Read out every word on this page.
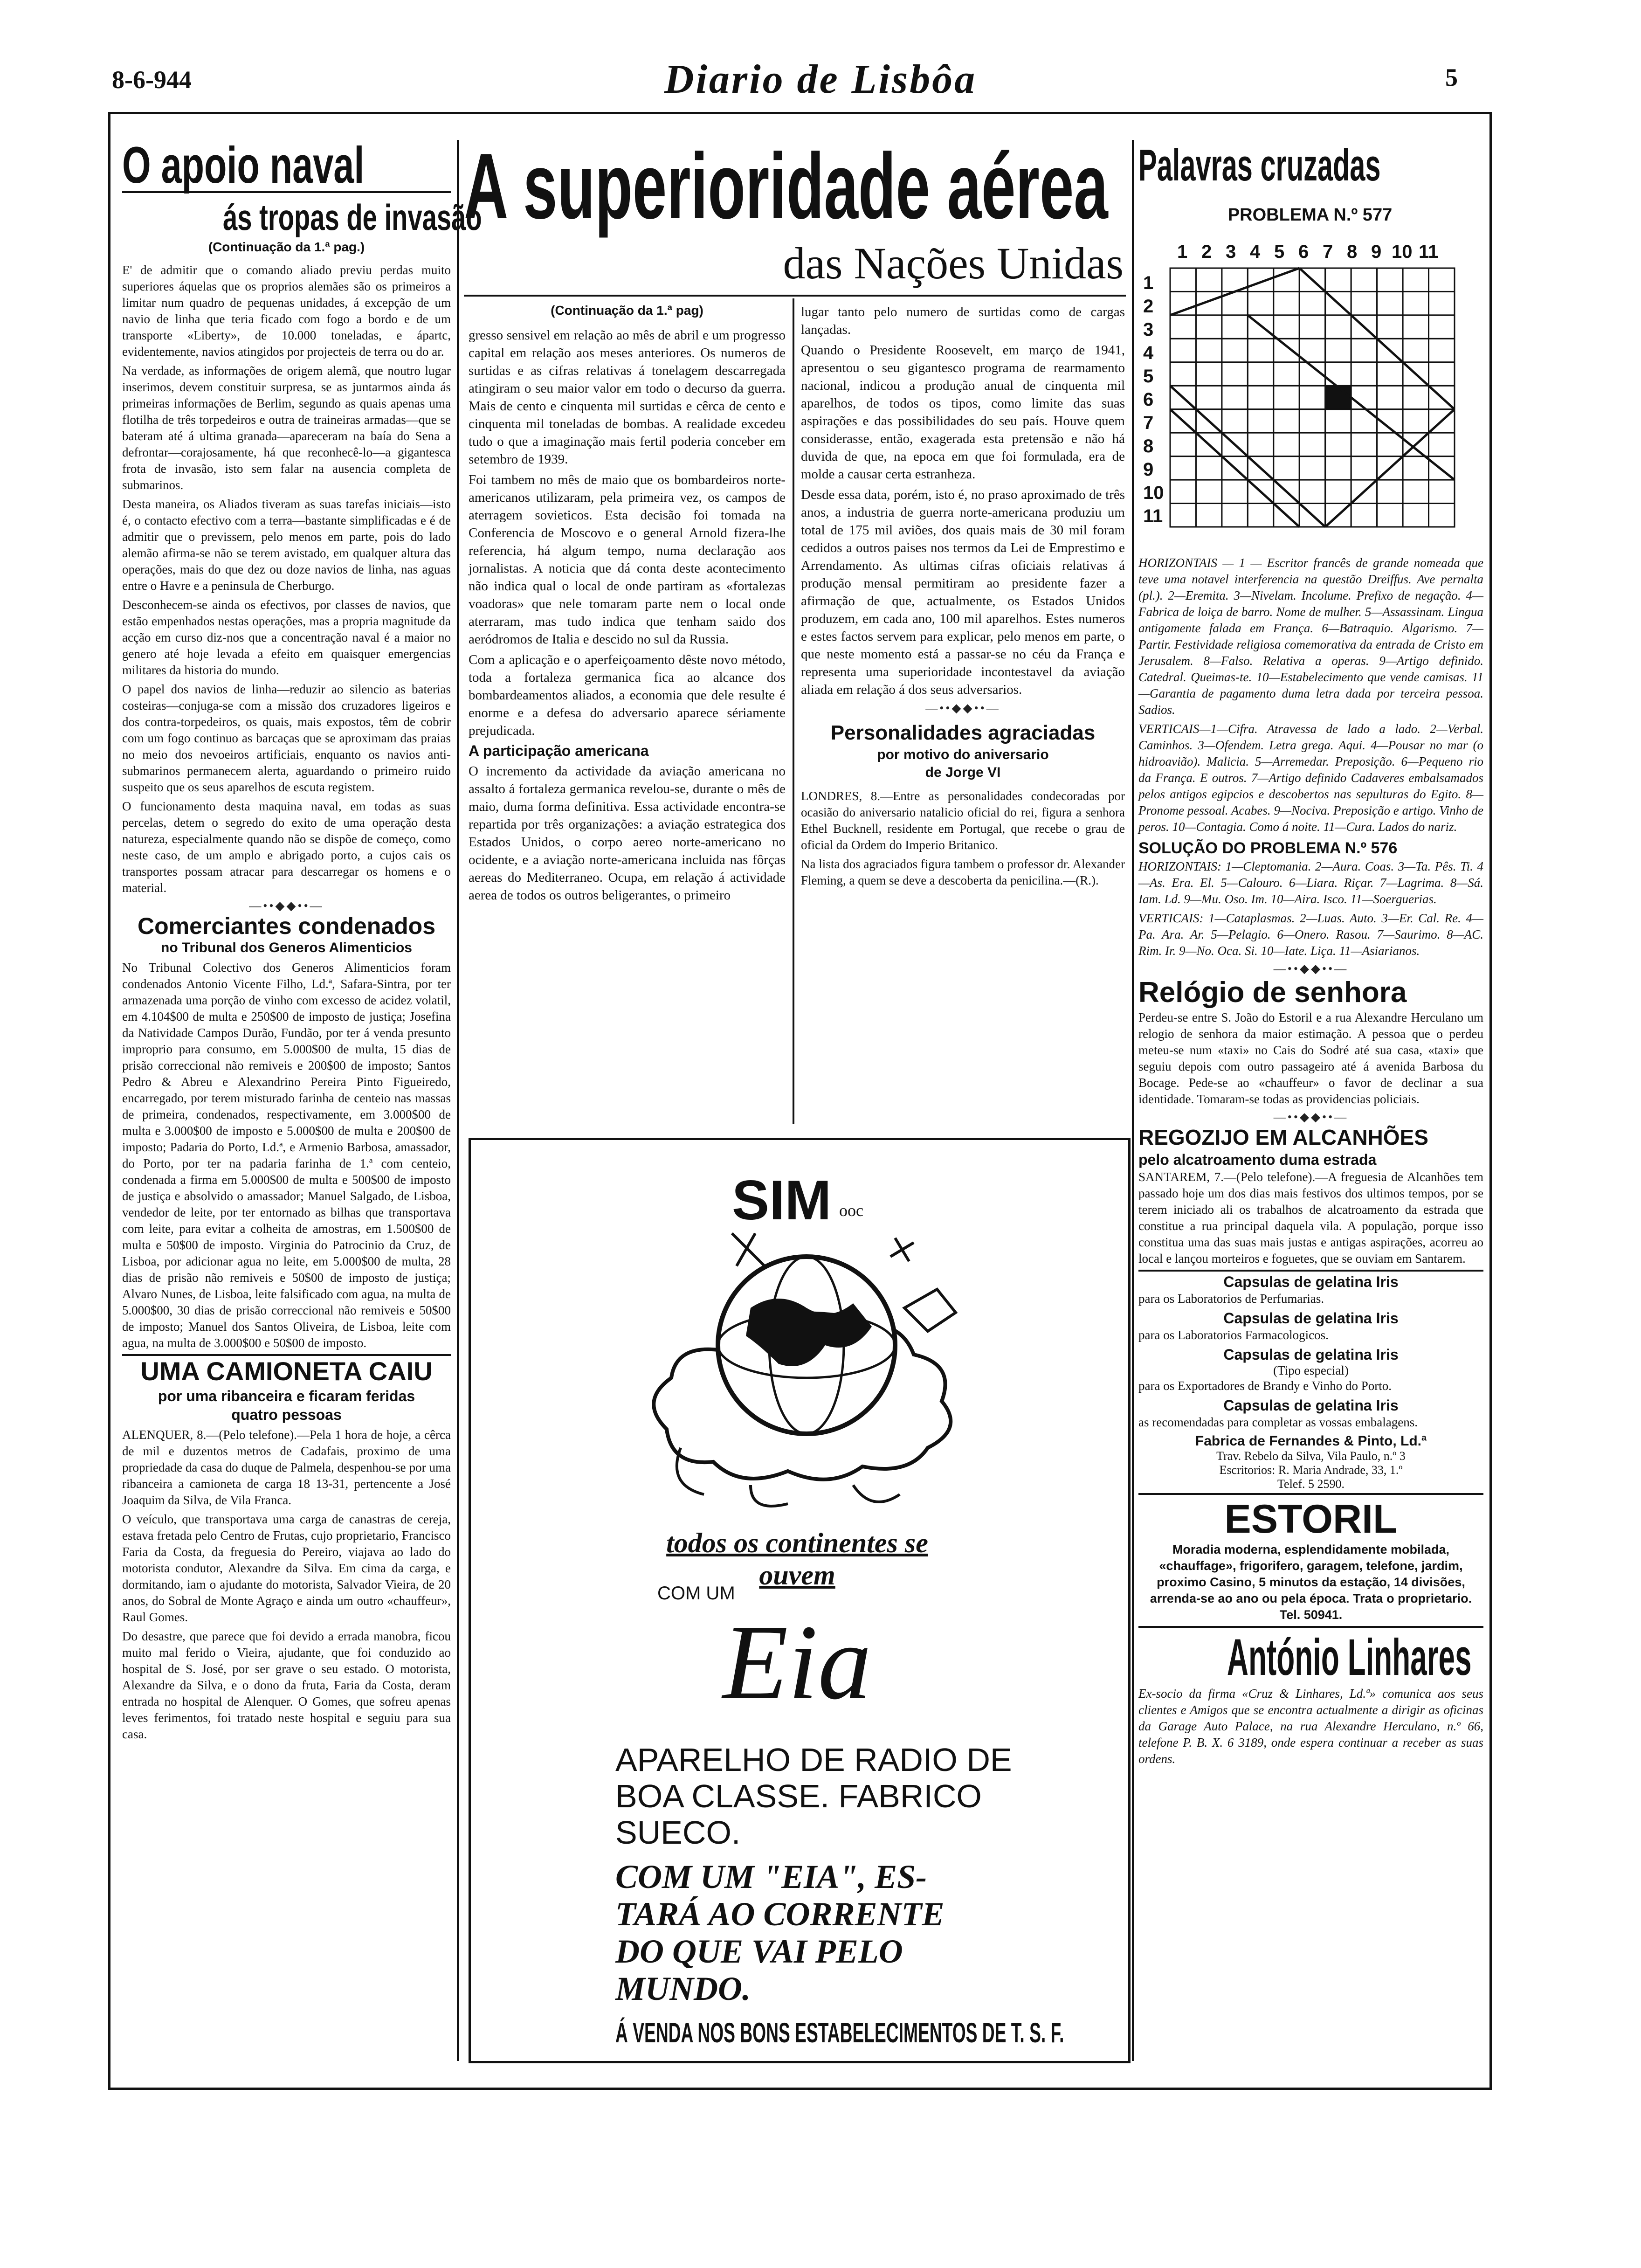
8-6-944	Diario de Lisbôa	5
O apoio naval
ás tropas de invasão
(Continuação da 1.ª pag.)

E' de admitir que o comando aliado previu perdas muito superiores áquelas que os proprios alemães são os primeiros a limitar num quadro de pequenas unidades, á excepção de um navio de linha que teria ficado com fogo a bordo e de um transporte «Liberty», de 10.000 toneladas, e ápartc, evidentemente, navios atingidos por projecteis de terra ou do ar.

Na verdade, as informações de origem alemã, que noutro lugar inserimos, devem constituir surpresa, se as juntarmos ainda ás primeiras informações de Berlim, segundo as quais apenas uma flotilha de três torpedeiros e outra de traineiras armadas—que se bateram até á ultima granada—apareceram na baía do Sena a defrontar—corajosamente, há que reconhecê-lo—a gigantesca frota de invasão, isto sem falar na ausencia completa de submarinos.

Desta maneira, os Aliados tiveram as suas tarefas iniciais—isto é, o contacto efectivo com a terra—bastante simplificadas e é de admitir que o previssem, pelo menos em parte, pois do lado alemão afirma-se não se terem avistado, em qualquer altura das operações, mais do que dez ou doze navios de linha, nas aguas entre o Havre e a peninsula de Cherburgo.

Desconhecem-se ainda os efectivos, por classes de navios, que estão empenhados nestas operações, mas a propria magnitude da acção em curso diz-nos que a concentração naval é a maior no genero até hoje levada a efeito em quaisquer emergencias militares da historia do mundo.

O papel dos navios de linha—reduzir ao silencio as baterias costeiras—conjuga-se com a missão dos cruzadores ligeiros e dos contra-torpedeiros, os quais, mais expostos, têm de cobrir com um fogo continuo as barcaças que se aproximam das praias no meio dos nevoeiros artificiais, enquanto os navios anti-submarinos permanecem alerta, aguardando o primeiro ruido suspeito que os seus aparelhos de escuta registem.

O funcionamento desta maquina naval, em todas as suas percelas, detem o segredo do exito de uma operação desta natureza, especialmente quando não se dispõe de começo, como neste caso, de um amplo e abrigado porto, a cujos cais os transportes possam atracar para descarregar os homens e o material.

—••◆◆••—
Comerciantes condenados
no Tribunal dos Generos Alimenticios

No Tribunal Colectivo dos Generos Alimenticios foram condenados Antonio Vicente Filho, Ld.ª, Safara-Sintra, por ter armazenada uma porção de vinho com excesso de acidez volatil, em 4.104$00 de multa e 250$00 de imposto de justiça; Josefina da Natividade Campos Durão, Fundão, por ter á venda presunto improprio para consumo, em 5.000$00 de multa, 15 dias de prisão correccional não remiveis e 200$00 de imposto; Santos Pedro & Abreu e Alexandrino Pereira Pinto Figueiredo, encarregado, por terem misturado farinha de centeio nas massas de primeira, condenados, respectivamente, em 3.000$00 de multa e 3.000$00 de imposto e 5.000$00 de multa e 200$00 de imposto; Padaria do Porto, Ld.ª, e Armenio Barbosa, amassador, do Porto, por ter na padaria farinha de 1.ª com centeio, condenada a firma em 5.000$00 de multa e 500$00 de imposto de justiça e absolvido o amassador; Manuel Salgado, de Lisboa, vendedor de leite, por ter entornado as bilhas que transportava com leite, para evitar a colheita de amostras, em 1.500$00 de multa e 50$00 de imposto. Virginia do Patrocinio da Cruz, de Lisboa, por adicionar agua no leite, em 5.000$00 de multa, 28 dias de prisão não remiveis e 50$00 de imposto de justiça; Alvaro Nunes, de Lisboa, leite falsificado com agua, na multa de 5.000$00, 30 dias de prisão correccional não remiveis e 50$00 de imposto; Manuel dos Santos Oliveira, de Lisboa, leite com agua, na multa de 3.000$00 e 50$00 de imposto.

UMA CAMIONETA CAIU
por uma ribanceira e ficaram feridas
quatro pessoas

ALENQUER, 8.—(Pelo telefone).—Pela 1 hora de hoje, a cêrca de mil e duzentos metros de Cadafais, proximo de uma propriedade da casa do duque de Palmela, despenhou-se por uma ribanceira a camioneta de carga 18 13-31, pertencente a José Joaquim da Silva, de Vila Franca.

O veículo, que transportava uma carga de canastras de cereja, estava fretada pelo Centro de Frutas, cujo proprietario, Francisco Faria da Costa, da freguesia do Pereiro, viajava ao lado do motorista condutor, Alexandre da Silva. Em cima da carga, e dormitando, iam o ajudante do motorista, Salvador Vieira, de 20 anos, do Sobral de Monte Agraço e ainda um outro «chauffeur», Raul Gomes.

Do desastre, que parece que foi devido a errada manobra, ficou muito mal ferido o Vieira, ajudante, que foi conduzido ao hospital de S. José, por ser grave o seu estado. O motorista, Alexandre da Silva, e o dono da fruta, Faria da Costa, deram entrada no hospital de Alenquer. O Gomes, que sofreu apenas leves ferimentos, foi tratado neste hospital e seguiu para sua casa.

A superioridade aérea
das Nações Unidas
(Continuação da 1.ª pag)

gresso sensivel em relação ao mês de abril e um progresso capital em relação aos meses anteriores. Os numeros de surtidas e as cifras relativas á tonelagem descarregada atingiram o seu maior valor em todo o decurso da guerra. Mais de cento e cinquenta mil surtidas e cêrca de cento e cinquenta mil toneladas de bombas. A realidade excedeu tudo o que a imaginação mais fertil poderia conceber em setembro de 1939.

Foi tambem no mês de maio que os bombardeiros norte-americanos utilizaram, pela primeira vez, os campos de aterragem sovieticos. Esta decisão foi tomada na Conferencia de Moscovo e o general Arnold fizera-lhe referencia, há algum tempo, numa declaração aos jornalistas. A noticia que dá conta deste acontecimento não indica qual o local de onde partiram as «fortalezas voadoras» que nele tomaram parte nem o local onde aterraram, mas tudo indica que tenham saido dos aeródromos de Italia e descido no sul da Russia.

Com a aplicação e o aperfeiçoamento dêste novo método, toda a fortaleza germanica fica ao alcance dos bombardeamentos aliados, a economia que dele resulte é enorme e a defesa do adversario aparece sériamente prejudicada.

A participação americana

O incremento da actividade da aviação americana no assalto á fortaleza germanica revelou-se, durante o mês de maio, duma forma definitiva. Essa actividade encontra-se repartida por três organizações: a aviação estrategica dos Estados Unidos, o corpo aereo norte-americano no ocidente, e a aviação norte-americana incluida nas fôrças aereas do Mediterraneo. Ocupa, em relação á actividade aerea de todos os outros beligerantes, o primeiro

lugar tanto pelo numero de surtidas como de cargas lançadas.

Quando o Presidente Roosevelt, em março de 1941, apresentou o seu gigantesco programa de rearmamento nacional, indicou a produção anual de cinquenta mil aparelhos, de todos os tipos, como limite das suas aspirações e das possibilidades do seu país. Houve quem considerasse, então, exagerada esta pretensão e não há duvida de que, na epoca em que foi formulada, era de molde a causar certa estranheza.

Desde essa data, porém, isto é, no praso aproximado de três anos, a industria de guerra norte-americana produziu um total de 175 mil aviões, dos quais mais de 30 mil foram cedidos a outros paises nos termos da Lei de Emprestimo e Arrendamento. As ultimas cifras oficiais relativas á produção mensal permitiram ao presidente fazer a afirmação de que, actualmente, os Estados Unidos produzem, em cada ano, 100 mil aparelhos. Estes numeros e estes factos servem para explicar, pelo menos em parte, o que neste momento está a passar-se no céu da França e representa uma superioridade incontestavel da aviação aliada em relação á dos seus adversarios.

—••◆◆••—
Personalidades agraciadas
por motivo do aniversario
de Jorge VI

LONDRES, 8.—Entre as personalidades condecoradas por ocasião do aniversario natalicio oficial do rei, figura a senhora Ethel Bucknell, residente em Portugal, que recebe o grau de oficial da Ordem do Imperio Britanico.

Na lista dos agraciados figura tambem o professor dr. Alexander Fleming, a quem se deve a descoberta da penicilina.—(R.).

SIM ooc
todos os continentes se ouvem
COM UM
Eia
APARELHO DE RADIO DE
BOA CLASSE. FABRICO
SUECO.
COM UM "EIA", ES-
TARÁ AO CORRENTE
DO QUE VAI PELO
MUNDO.
Á VENDA NOS BONS ESTABELECIMENTOS DE T. S. F.
Palavras cruzadas
PROBLEMA N.º 577
1 2 3 4 5 6 7 8 9 10 11
1
2
3
4
5
6
7
8
9
10
11

HORIZONTAIS — 1 — Escritor francês de grande nomeada que teve uma notavel interferencia na questão Dreiffus. Ave pernalta (pl.). 2—Eremita. 3—Nivelam. Incolume. Prefixo de negação. 4—Fabrica de loiça de barro. Nome de mulher. 5—Assassinam. Lingua antigamente falada em França. 6—Batraquio. Algarismo. 7—Partir. Festividade religiosa comemorativa da entrada de Cristo em Jerusalem. 8—Falso. Relativa a operas. 9—Artigo definido. Catedral. Queimas-te. 10—Estabelecimento que vende camisas. 11—Garantia de pagamento duma letra dada por terceira pessoa. Sadios.

VERTICAIS—1—Cifra. Atravessa de lado a lado. 2—Verbal. Caminhos. 3—Ofendem. Letra grega. Aqui. 4—Pousar no mar (o hidroavião). Malicia. 5—Arremedar. Preposição. 6—Pequeno rio da França. E outros. 7—Artigo definido Cadaveres embalsamados pelos antigos egipcios e descobertos nas sepulturas do Egito. 8—Pronome pessoal. Acabes. 9—Nociva. Preposição e artigo. Vinho de peros. 10—Contagia. Como á noite. 11—Cura. Lados do nariz.

SOLUÇÃO DO PROBLEMA N.º 576

HORIZONTAIS: 1—Cleptomania. 2—Aura. Coas. 3—Ta. Pês. Ti. 4—As. Era. El. 5—Calouro. 6—Liara. Riçar. 7—Lagrima. 8—Sá. Iam. Ld. 9—Mu. Oso. Im. 10—Aira. Isco. 11—Soerguerias.

VERTICAIS: 1—Cataplasmas. 2—Luas. Auto. 3—Er. Cal. Re. 4—Pa. Ara. Ar. 5—Pelagio. 6—Onero. Rasou. 7—Saurimo. 8—AC. Rim. Ir. 9—No. Oca. Si. 10—Iate. Liça. 11—Asiarianos.

—••◆◆••—
Relógio de senhora

Perdeu-se entre S. João do Estoril e a rua Alexandre Herculano um relogio de senhora da maior estimação. A pessoa que o perdeu meteu-se num «taxi» no Cais do Sodré até sua casa, «taxi» que seguiu depois com outro passageiro até á avenida Barbosa du Bocage. Pede-se ao «chauffeur» o favor de declinar a sua identidade. Tomaram-se todas as providencias policiais.

—••◆◆••—
REGOZIJO EM ALCANHÕES
pelo alcatroamento duma estrada

SANTAREM, 7.—(Pelo telefone).—A freguesia de Alcanhões tem passado hoje um dos dias mais festivos dos ultimos tempos, por se terem iniciado ali os trabalhos de alcatroamento da estrada que constitue a rua principal daquela vila. A população, porque isso constitua uma das suas mais justas e antigas aspirações, acorreu ao local e lançou morteiros e foguetes, que se ouviam em Santarem.

Capsulas de gelatina Iris

para os Laboratorios de Perfumarias.

Capsulas de gelatina Iris

para os Laboratorios Farmacologicos.

Capsulas de gelatina Iris
(Tipo especial)

para os Exportadores de Brandy e Vinho do Porto.

Capsulas de gelatina Iris

as recomendadas para completar as vossas embalagens.

Fabrica de Fernandes & Pinto, Ld.ª
Trav. Rebelo da Silva, Vila Paulo, n.º 3
Escritorios: R. Maria Andrade, 33, 1.º
Telef. 5 2590.
ESTORIL

Moradia moderna, esplendidamente mobilada, «chauffage», frigorifero, garagem, telefone, jardim, proximo Casino, 5 minutos da estação, 14 divisões, arrenda-se ao ano ou pela época. Trata o proprietario. Tel. 50941.

António Linhares

Ex-socio da firma «Cruz & Linhares, Ld.ª» comunica aos seus clientes e Amigos que se encontra actualmente a dirigir as oficinas da Garage Auto Palace, na rua Alexandre Herculano, n.º 66, telefone P. B. X. 6 3189, onde espera continuar a receber as suas ordens.
